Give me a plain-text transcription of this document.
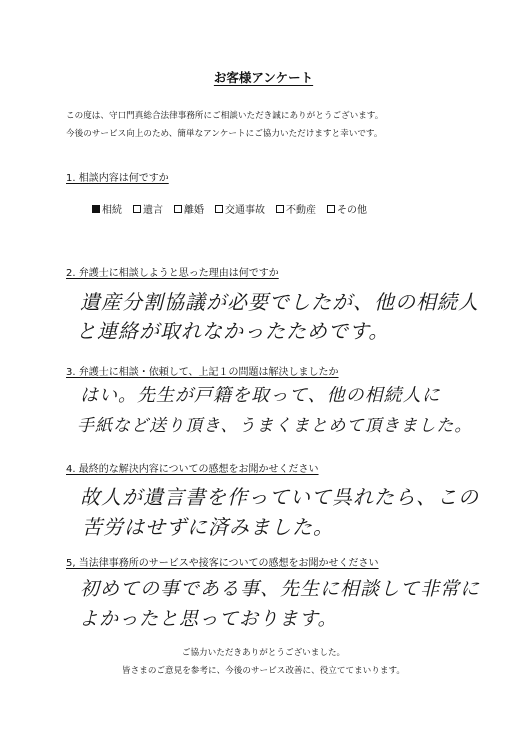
お客様アンケート
この度は、守口門真総合法律事務所にご相談いただき誠にありがとうございます。
今後のサービス向上のため、簡単なアンケートにご協力いただけますと幸いです。
1. 相談内容は何ですか
相続 遺言 離婚 交通事故 不動産 その他
2. 弁護士に相談しようと思った理由は何ですか
遺産分割協議が必要でしたが、他の相続人
と連絡が取れなかったためです。
3. 弁護士に相談・依頼して、上記１の問題は解決しましたか
はい。先生が戸籍を取って、他の相続人に
手紙など送り頂き、うまくまとめて頂きました。
4. 最終的な解決内容についての感想をお聞かせください
故人が遺言書を作っていて呉れたら、この
苦労はせずに済みました。
5, 当法律事務所のサービスや接客についての感想をお聞かせください
初めての事である事、先生に相談して非常に
よかったと思っております。
ご協力いただきありがとうございました。
皆さまのご意見を参考に、今後のサービス改善に、役立ててまいります。
